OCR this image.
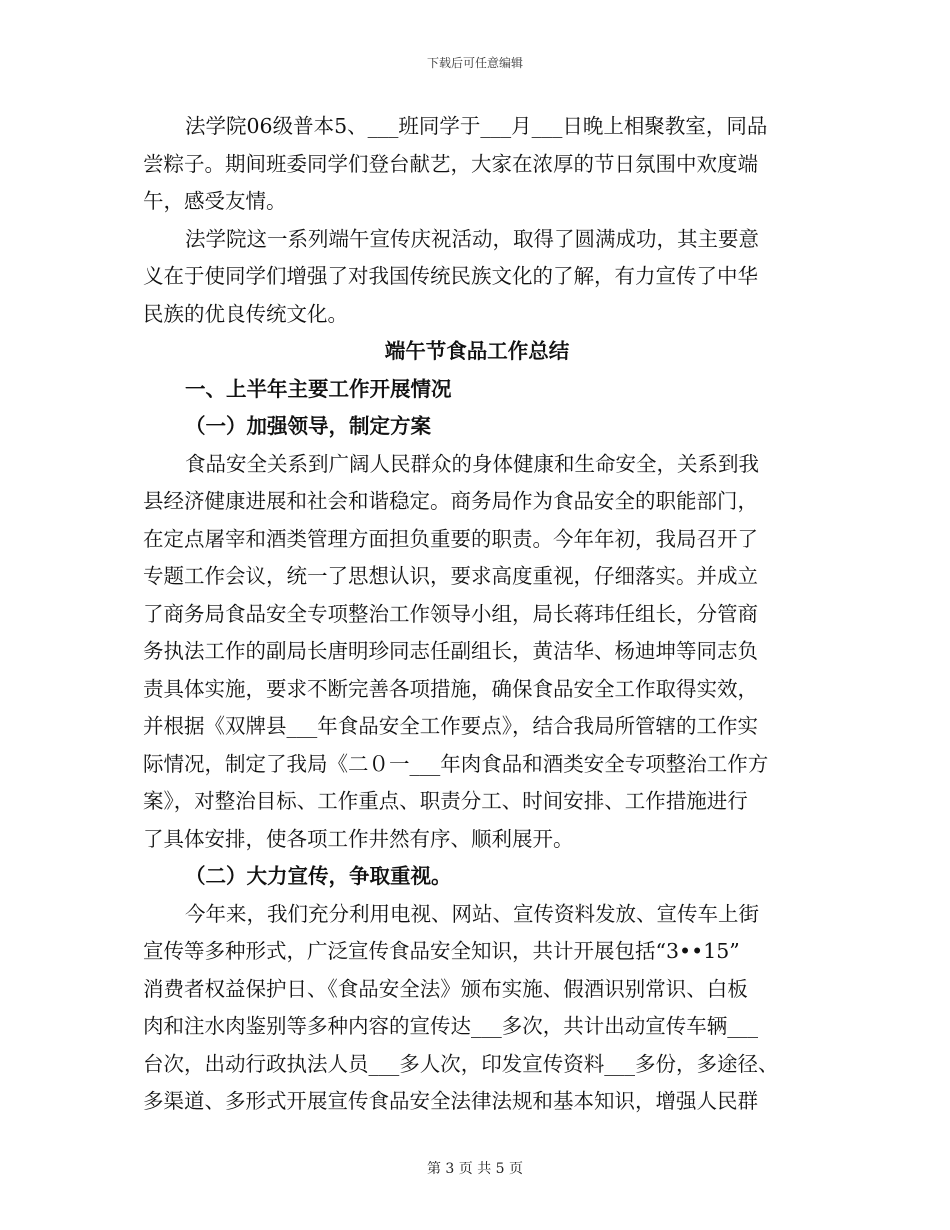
下载后可任意编辑
法学院06级普本5、___班同学于___月___日晚上相聚教室，同品
尝粽子。期间班委同学们登台献艺，大家在浓厚的节日氛围中欢度端
午，感受友情。
法学院这一系列端午宣传庆祝活动，取得了圆满成功，其主要意
义在于使同学们增强了对我国传统民族文化的了解，有力宣传了中华
民族的优良传统文化。
端午节食品工作总结
一、上半年主要工作开展情况
（一）加强领导，制定方案
食品安全关系到广阔人民群众的身体健康和生命安全，关系到我
县经济健康进展和社会和谐稳定。商务局作为食品安全的职能部门，
在定点屠宰和酒类管理方面担负重要的职责。今年年初，我局召开了
专题工作会议，统一了思想认识，要求高度重视，仔细落实。并成立
了商务局食品安全专项整治工作领导小组，局长蒋玮任组长，分管商
务执法工作的副局长唐明珍同志任副组长，黄洁华、杨迪坤等同志负
责具体实施，要求不断完善各项措施，确保食品安全工作取得实效，
并根据《双牌县___年食品安全工作要点》，结合我局所管辖的工作实
际情况，制定了我局《二０一___年肉食品和酒类安全专项整治工作方
案》，对整治目标、工作重点、职责分工、时间安排、工作措施进行
了具体安排，使各项工作井然有序、顺利展开。
（二）大力宣传，争取重视。
今年来，我们充分利用电视、网站、宣传资料发放、宣传车上街
宣传等多种形式，广泛宣传食品安全知识，共计开展包括“3••15”
消费者权益保护日、《食品安全法》颁布实施、假酒识别常识、白板
肉和注水肉鉴别等多种内容的宣传达___多次，共计出动宣传车辆___
台次，出动行政执法人员___多人次，印发宣传资料___多份，多途径、
多渠道、多形式开展宣传食品安全法律法规和基本知识，增强人民群
第 3 页 共 5 页
